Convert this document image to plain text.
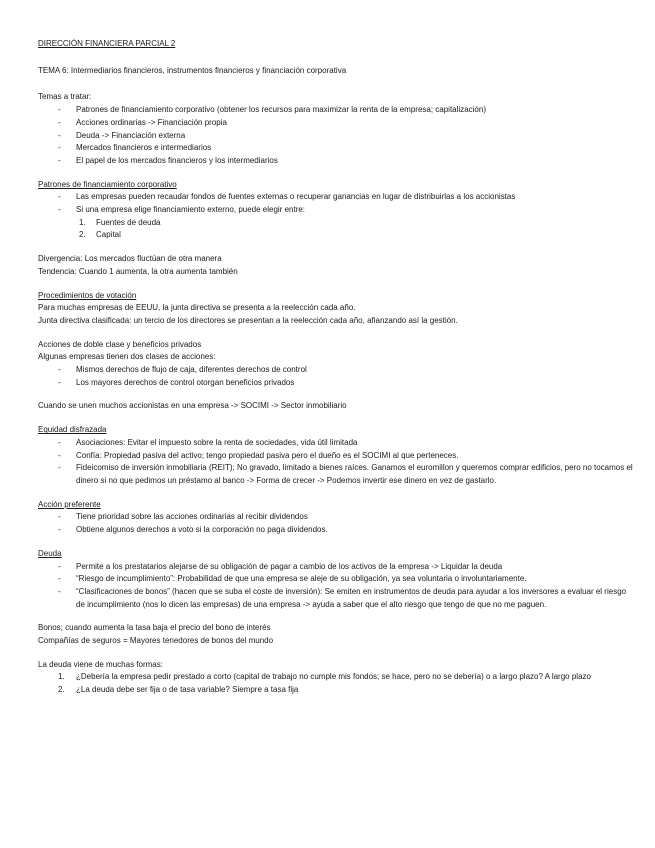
DIRECCIÓN FINANCIERA PARCIAL 2

TEMA 6: Intermediarios financieros, instrumentos financieros y financiación corporativa

Temas a tratar:

- Patrones de financiamiento corporativo (obtener los recursos para maximizar la renta de la empresa; capitalización)
- Acciones ordinarias -> Financiación propia
- Deuda -> Financiación externa
- Mercados financieros e intermediarios
- El papel de los mercados financieros y los intermediarios

Patrones de financiamiento corporativo

- Las empresas pueden recaudar fondos de fuentes externas o recuperar ganancias en lugar de distribuirlas a los accionistas
- Si una empresa elige financiamiento externo, puede elegir entre:
1. Fuentes de deuda
2. Capital

Divergencia: Los mercados fluctúan de otra manera

Tendencia: Cuando 1 aumenta, la otra aumenta también

Procedimientos de votación

Para muchas empresas de EEUU, la junta directiva se presenta a la reelección cada año.

Junta directiva clasificada: un tercio de los directores se presentan a la reelección cada año, afianzando así la gestión.

Acciones de doble clase y beneficios privados

Algunas empresas tienen dos clases de acciones:

- Mismos derechos de flujo de caja, diferentes derechos de control
- Los mayores derechos de control otorgan beneficios privados

Cuando se unen muchos accionistas en una empresa -> SOCIMI -> Sector inmobiliario

Equidad disfrazada

- Asociaciones: Evitar el impuesto sobre la renta de sociedades, vida útil limitada
- Confía: Propiedad pasiva del activo; tengo propiedad pasiva pero el dueño es el SOCIMI al que perteneces.
- Fideicomiso de inversión inmobiliaria (REIT): No gravado, limitado a bienes raíces. Ganamos el euromillon y queremos comprar edificios, pero no tocamos el dinero si no que pedimos un préstamo al banco -> Forma de crecer -> Podemos invertir ese dinero en vez de gastarlo.

Acción preferente

- Tiene prioridad sobre las acciones ordinarias al recibir dividendos
- Obtiene algunos derechos a voto si la corporación no paga dividendos.

Deuda

- Permite a los prestatarios alejarse de su obligación de pagar a cambio de los activos de la empresa -> Liquidar la deuda
- “Riesgo de incumplimiento”: Probabilidad de que una empresa se aleje de su obligación, ya sea voluntaria o involuntariamente.
- “Clasificaciones de bonos” (hacen que se suba el coste de inversión): Se emiten en instrumentos de deuda para ayudar a los inversores a evaluar el riesgo de incumplimiento (nos lo dicen las empresas) de una empresa -> ayuda a saber que el alto riesgo que tengo de que no me paguen.

Bonos; cuando aumenta la tasa baja el precio del bono de interés

Compañías de seguros = Mayores tenedores de bonos del mundo

La deuda viene de muchas formas:

1. ¿Debería la empresa pedir prestado a corto (capital de trabajo no cumple mis fondos; se hace, pero no se debería) o a largo plazo? A largo plazo
2. ¿La deuda debe ser fija o de tasa variable? Siempre a tasa fija
